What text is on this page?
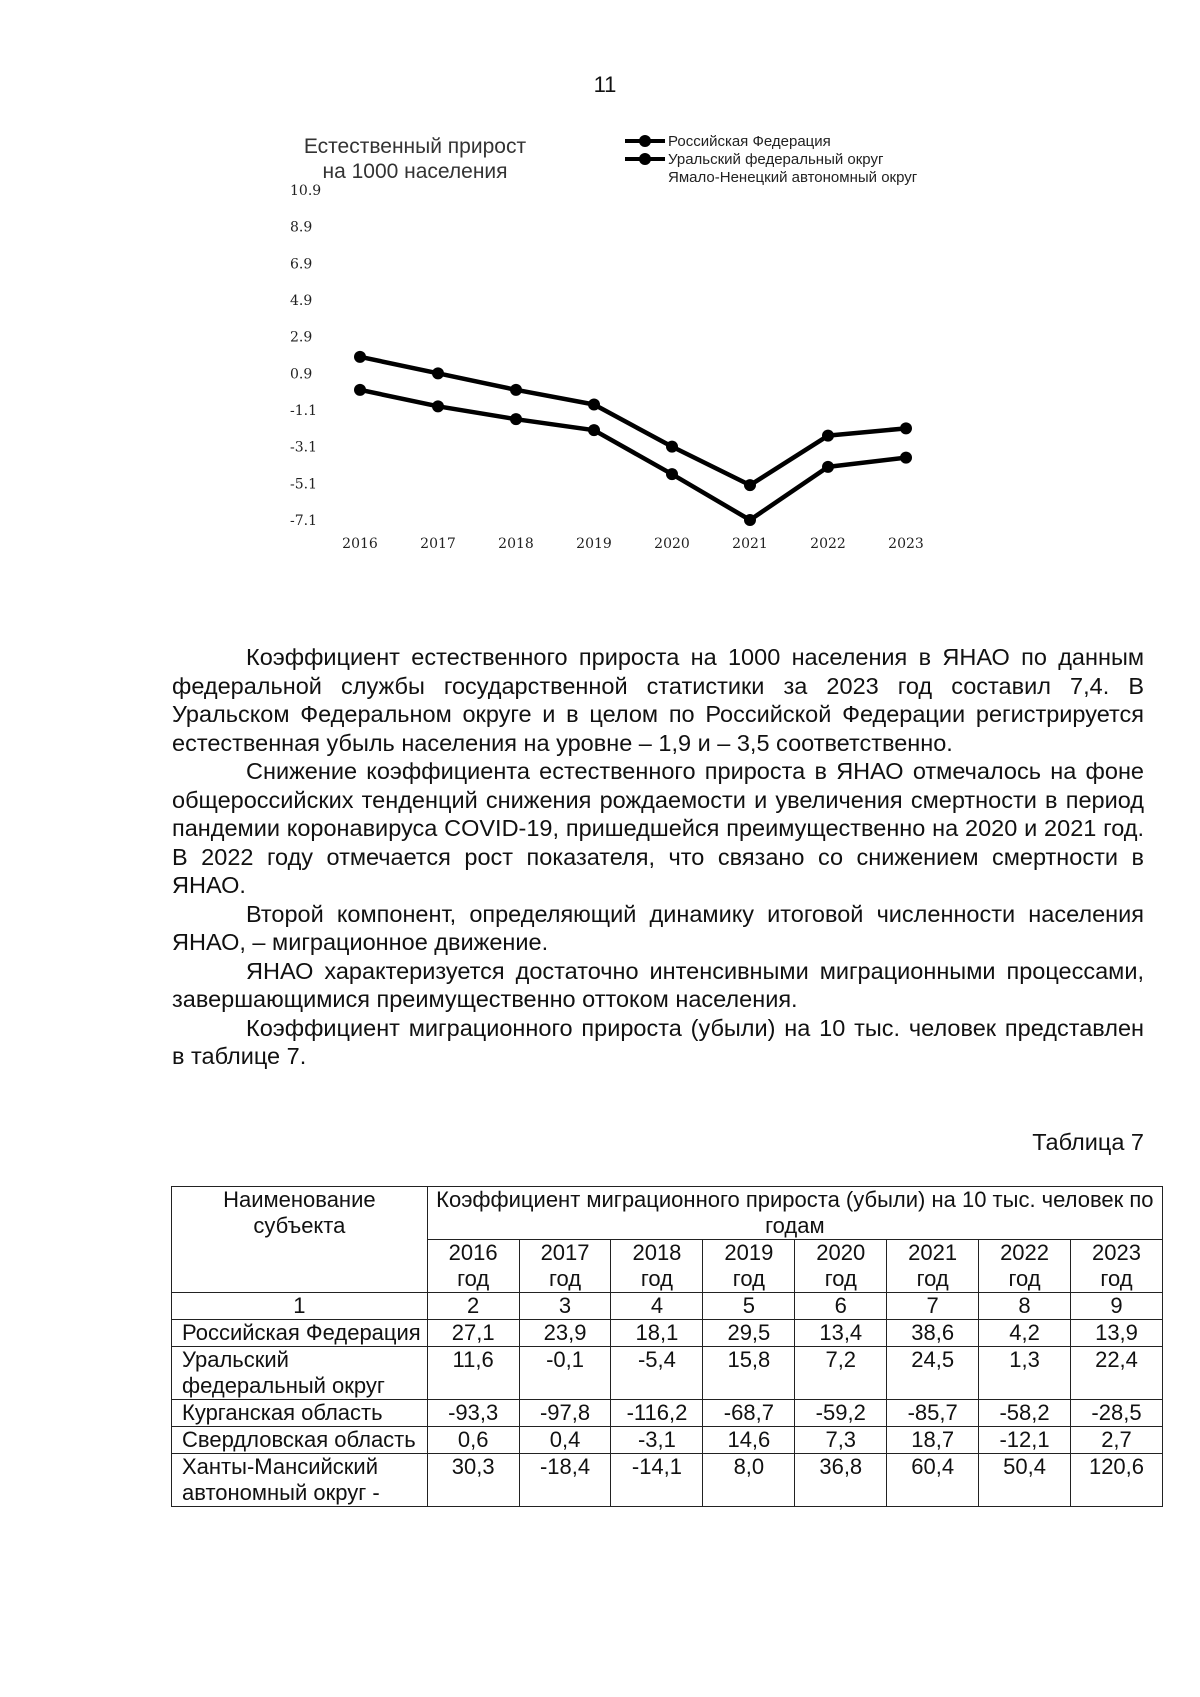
11
Естественный прирост
на 1000 населения
Российская Федерация
Уральский федеральный округ
Ямало-Ненецкий автономный округ
10.9
8.9
6.9
4.9
2.9
0.9
-1.1
-3.1
-5.1
-7.1
2016	2017	2018	2019	2020	2021	2022	2023

Коэффициент естественного прироста на 1000 населения в ЯНАО по данным федеральной службы государственной статистики за 2023 год составил 7,4. В Уральском Федеральном округе и в целом по Российской Федерации регистрируется естественная убыль населения на уровне – 1,9 и – 3,5 соответственно.

Снижение коэффициента естественного прироста в ЯНАО отмечалось на фоне общероссийских тенденций снижения рождаемости и увеличения смертности в период пандемии коронавируса COVID-19, пришедшейся преимущественно на 2020 и 2021 год. В 2022 году отмечается рост показателя, что связано со снижением смертности в ЯНАО.

Второй компонент, определяющий динамику итоговой численности населения ЯНАО, – миграционное движение.

ЯНАО характеризуется достаточно интенсивными миграционными процессами, завершающимися преимущественно оттоком населения.

Коэффициент миграционного прироста (убыли) на 10 тыс. человек представлен в таблице 7.

Таблица 7
Наименование субъекта	Коэффициент миграционного прироста (убыли) на 10 тыс. человек по годам							
	2016 год	2017 год	2018 год	2019 год	2020 год	2021 год	2022 год	2023 год
1	2	3	4	5	6	7	8	9
Российская Федерация	27,1	23,9	18,1	29,5	13,4	38,6	4,2	13,9
Уральский федеральный округ	11,6	-0,1	-5,4	15,8	7,2	24,5	1,3	22,4
Курганская область	-93,3	-97,8	-116,2	-68,7	-59,2	-85,7	-58,2	-28,5
Свердловская область	0,6	0,4	-3,1	14,6	7,3	18,7	-12,1	2,7
Ханты-Мансийский автономный округ -	30,3	-18,4	-14,1	8,0	36,8	60,4	50,4	120,6
